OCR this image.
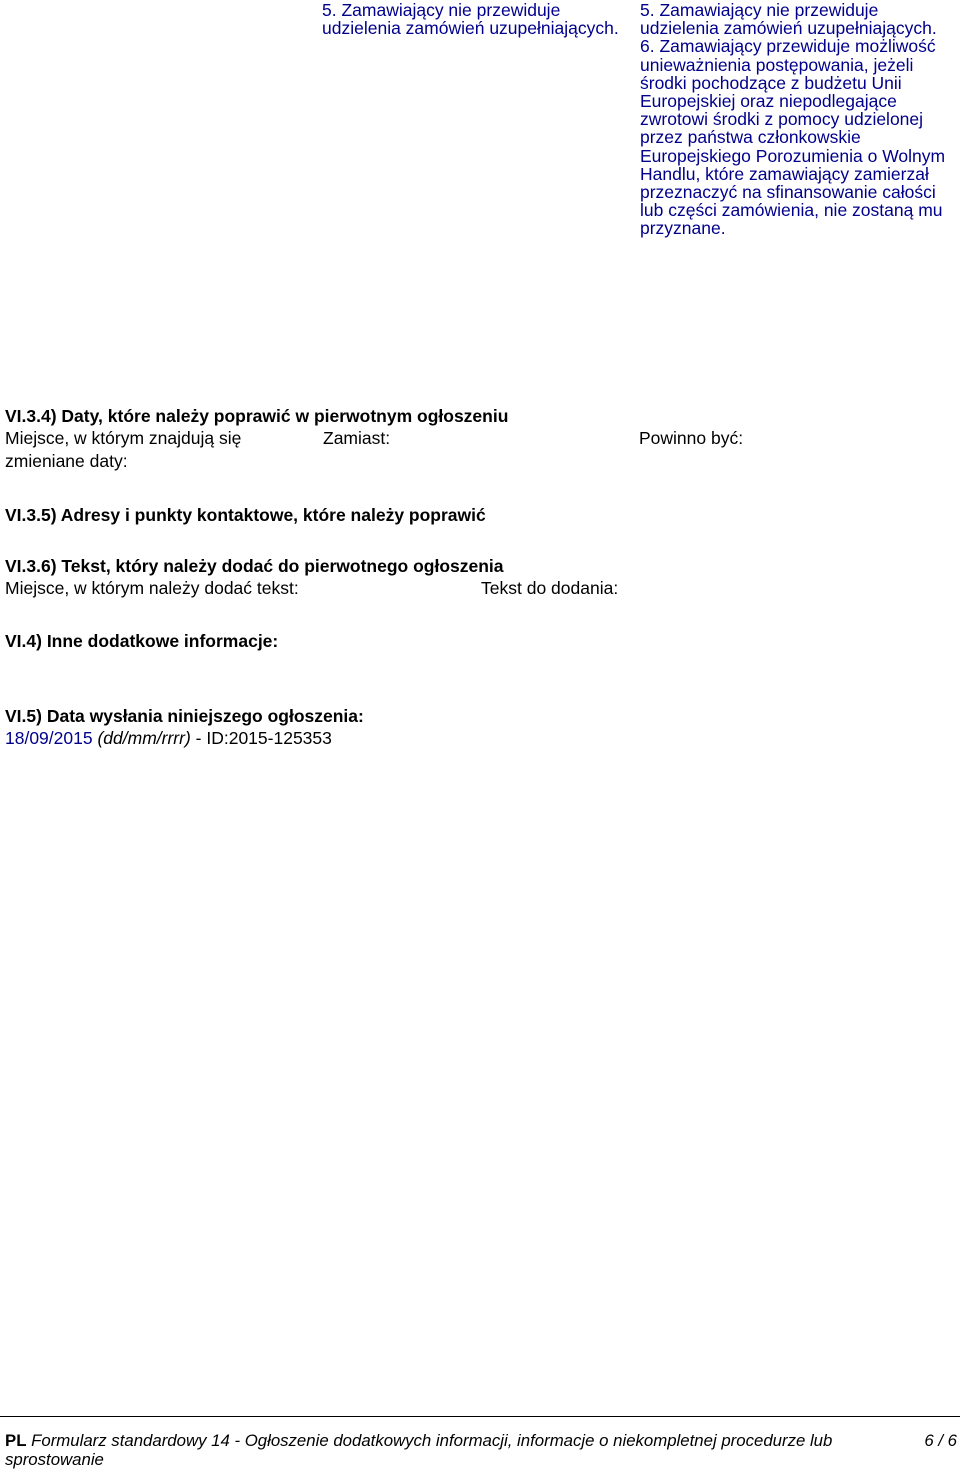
5. Zamawiający nie przewiduje udzielenia zamówień uzupełniających.

5. Zamawiający nie przewiduje udzielenia zamówień uzupełniających.

6. Zamawiający przewiduje możliwość unieważnienia postępowania, jeżeli środki pochodzące z budżetu Unii Europejskiej oraz niepodlegające zwrotowi środki z pomocy udzielonej przez państwa członkowskie Europejskiego Porozumienia o Wolnym Handlu, które zamawiający zamierzał przeznaczyć na sfinansowanie całości lub części zamówienia, nie zostaną mu przyznane.

VI.3.4) Daty, które należy poprawić w pierwotnym ogłoszeniu
Miejsce, w którym znajdują się
zmieniane daty:
Zamiast:	Powinno być:
VI.3.5) Adresy i punkty kontaktowe, które należy poprawić
VI.3.6) Tekst, który należy dodać do pierwotnego ogłoszenia
Miejsce, w którym należy dodać tekst:	Tekst do dodania:
VI.4) Inne dodatkowe informacje:
VI.5) Data wysłania niniejszego ogłoszenia:
18/09/2015 (dd/mm/rrrr) - ID:2015-125353
PL Formularz standardowy 14 - Ogłoszenie dodatkowych informacji, informacje o niekompletnej procedurze lub sprostowanie
6 / 6
